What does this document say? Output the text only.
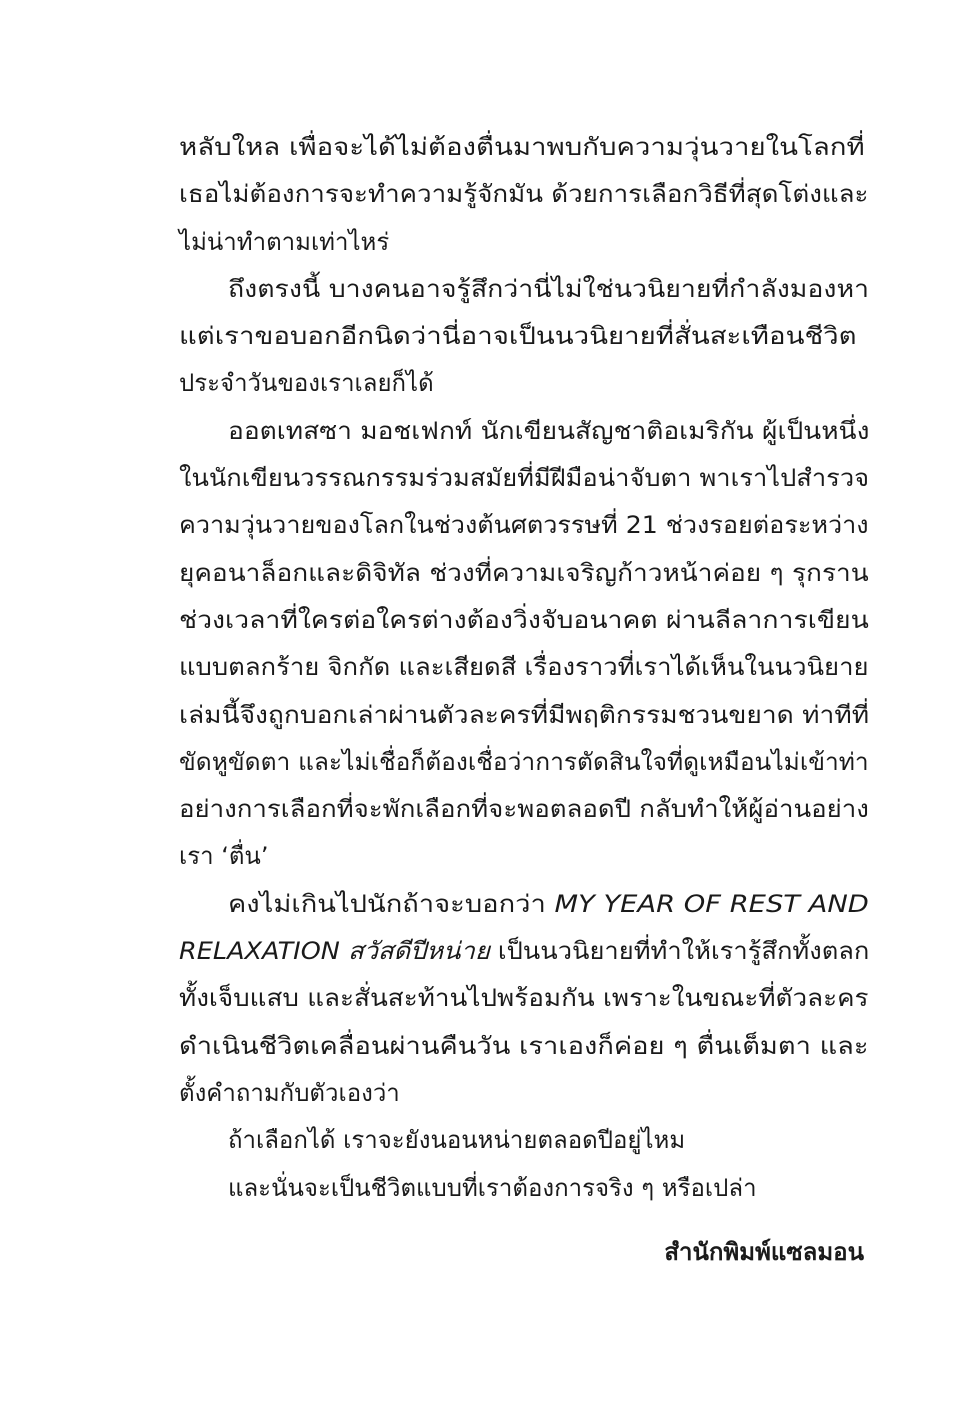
หลับใหล เพื่อจะได้ไม่ต้องตื่นมาพบกับความวุ่นวายในโลกที่
เธอไม่ต้องการจะทำความรู้จักมัน ด้วยการเลือกวิธีที่สุดโต่งและ
ไม่น่าทำตามเท่าไหร่
ถึงตรงนี้ บางคนอาจรู้สึกว่านี่ไม่ใช่นวนิยายที่กำลังมองหา
แต่เราขอบอกอีกนิดว่านี่อาจเป็นนวนิยายที่สั่นสะเทือนชีวิต
ประจำวันของเราเลยก็ได้
ออตเทสซา มอชเฟกท์ นักเขียนสัญชาติอเมริกัน ผู้เป็นหนึ่ง
ในนักเขียนวรรณกรรมร่วมสมัยที่มีฝีมือน่าจับตา พาเราไปสำรวจ
ความวุ่นวายของโลกในช่วงต้นศตวรรษที่ 21 ช่วงรอยต่อระหว่าง
ยุคอนาล็อกและดิจิทัล ช่วงที่ความเจริญก้าวหน้าค่อย ๆ รุกราน
ช่วงเวลาที่ใครต่อใครต่างต้องวิ่งจับอนาคต ผ่านลีลาการเขียน
แบบตลกร้าย จิกกัด และเสียดสี เรื่องราวที่เราได้เห็นในนวนิยาย
เล่มนี้จึงถูกบอกเล่าผ่านตัวละครที่มีพฤติกรรมชวนขยาด ท่าทีที่
ขัดหูขัดตา และไม่เชื่อก็ต้องเชื่อว่าการตัดสินใจที่ดูเหมือนไม่เข้าท่า
อย่างการเลือกที่จะพักเลือกที่จะพอตลอดปี กลับทำให้ผู้อ่านอย่าง
เรา ‘ตื่น’
คงไม่เกินไปนักถ้าจะบอกว่า MY YEAR OF REST AND
RELAXATION สวัสดีปีหน่าย เป็นนวนิยายที่ทำให้เรารู้สึกทั้งตลก
ทั้งเจ็บแสบ และสั่นสะท้านไปพร้อมกัน เพราะในขณะที่ตัวละคร
ดำเนินชีวิตเคลื่อนผ่านคืนวัน เราเองก็ค่อย ๆ ตื่นเต็มตา และ
ตั้งคำถามกับตัวเองว่า
ถ้าเลือกได้ เราจะยังนอนหน่ายตลอดปีอยู่ไหม
และนั่นจะเป็นชีวิตแบบที่เราต้องการจริง ๆ หรือเปล่า
สำนักพิมพ์แซลมอน
